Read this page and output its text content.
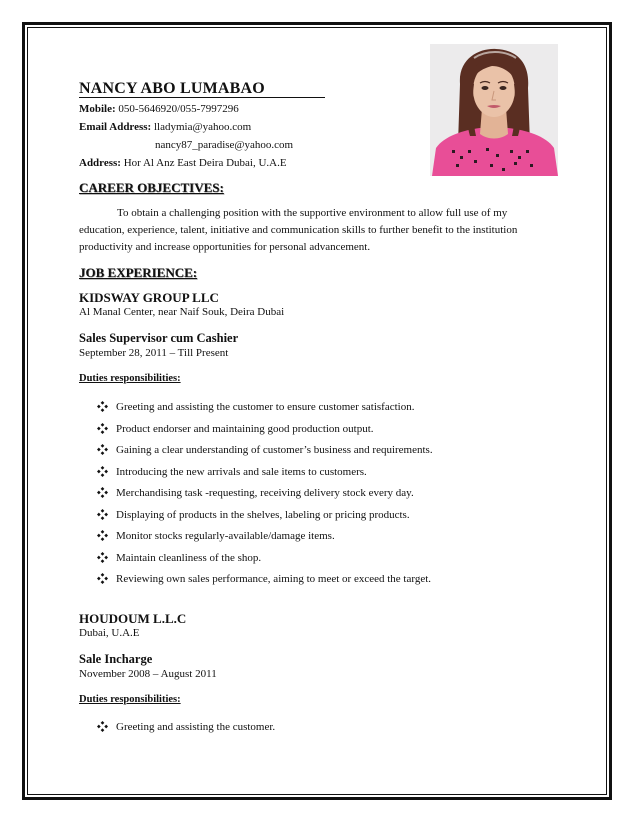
NANCY ABO LUMABAO
Mobile: 050-5646920/055-7997296
Email Address: lladymia@yahoo.com
nancy87_paradise@yahoo.com
Address: Hor Al Anz East Deira Dubai, U.A.E
CAREER OBJECTIVES:
To obtain a challenging position with the supportive environment to allow full use of my education, experience, talent, initiative and communication skills to further benefit to the institution productivity and increase opportunities for personal advancement.
JOB EXPERIENCE:
KIDSWAY GROUP LLC
Al Manal Center, near Naif Souk, Deira Dubai
Sales Supervisor cum Cashier
September 28, 2011 – Till Present
Duties responsibilities:
Greeting and assisting the customer to ensure customer satisfaction.
Product endorser and maintaining good production output.
Gaining a clear understanding of customer’s business and requirements.
Introducing the new arrivals and sale items to customers.
Merchandising task -requesting, receiving delivery stock every day.
Displaying of products in the shelves, labeling or pricing products.
Monitor stocks regularly-available/damage items.
Maintain cleanliness of the shop.
Reviewing own sales performance, aiming to meet or exceed the target.
HOUDOUM L.L.C
Dubai, U.A.E
Sale Incharge
November 2008 – August 2011
Duties responsibilities:
Greeting and assisting the customer.
